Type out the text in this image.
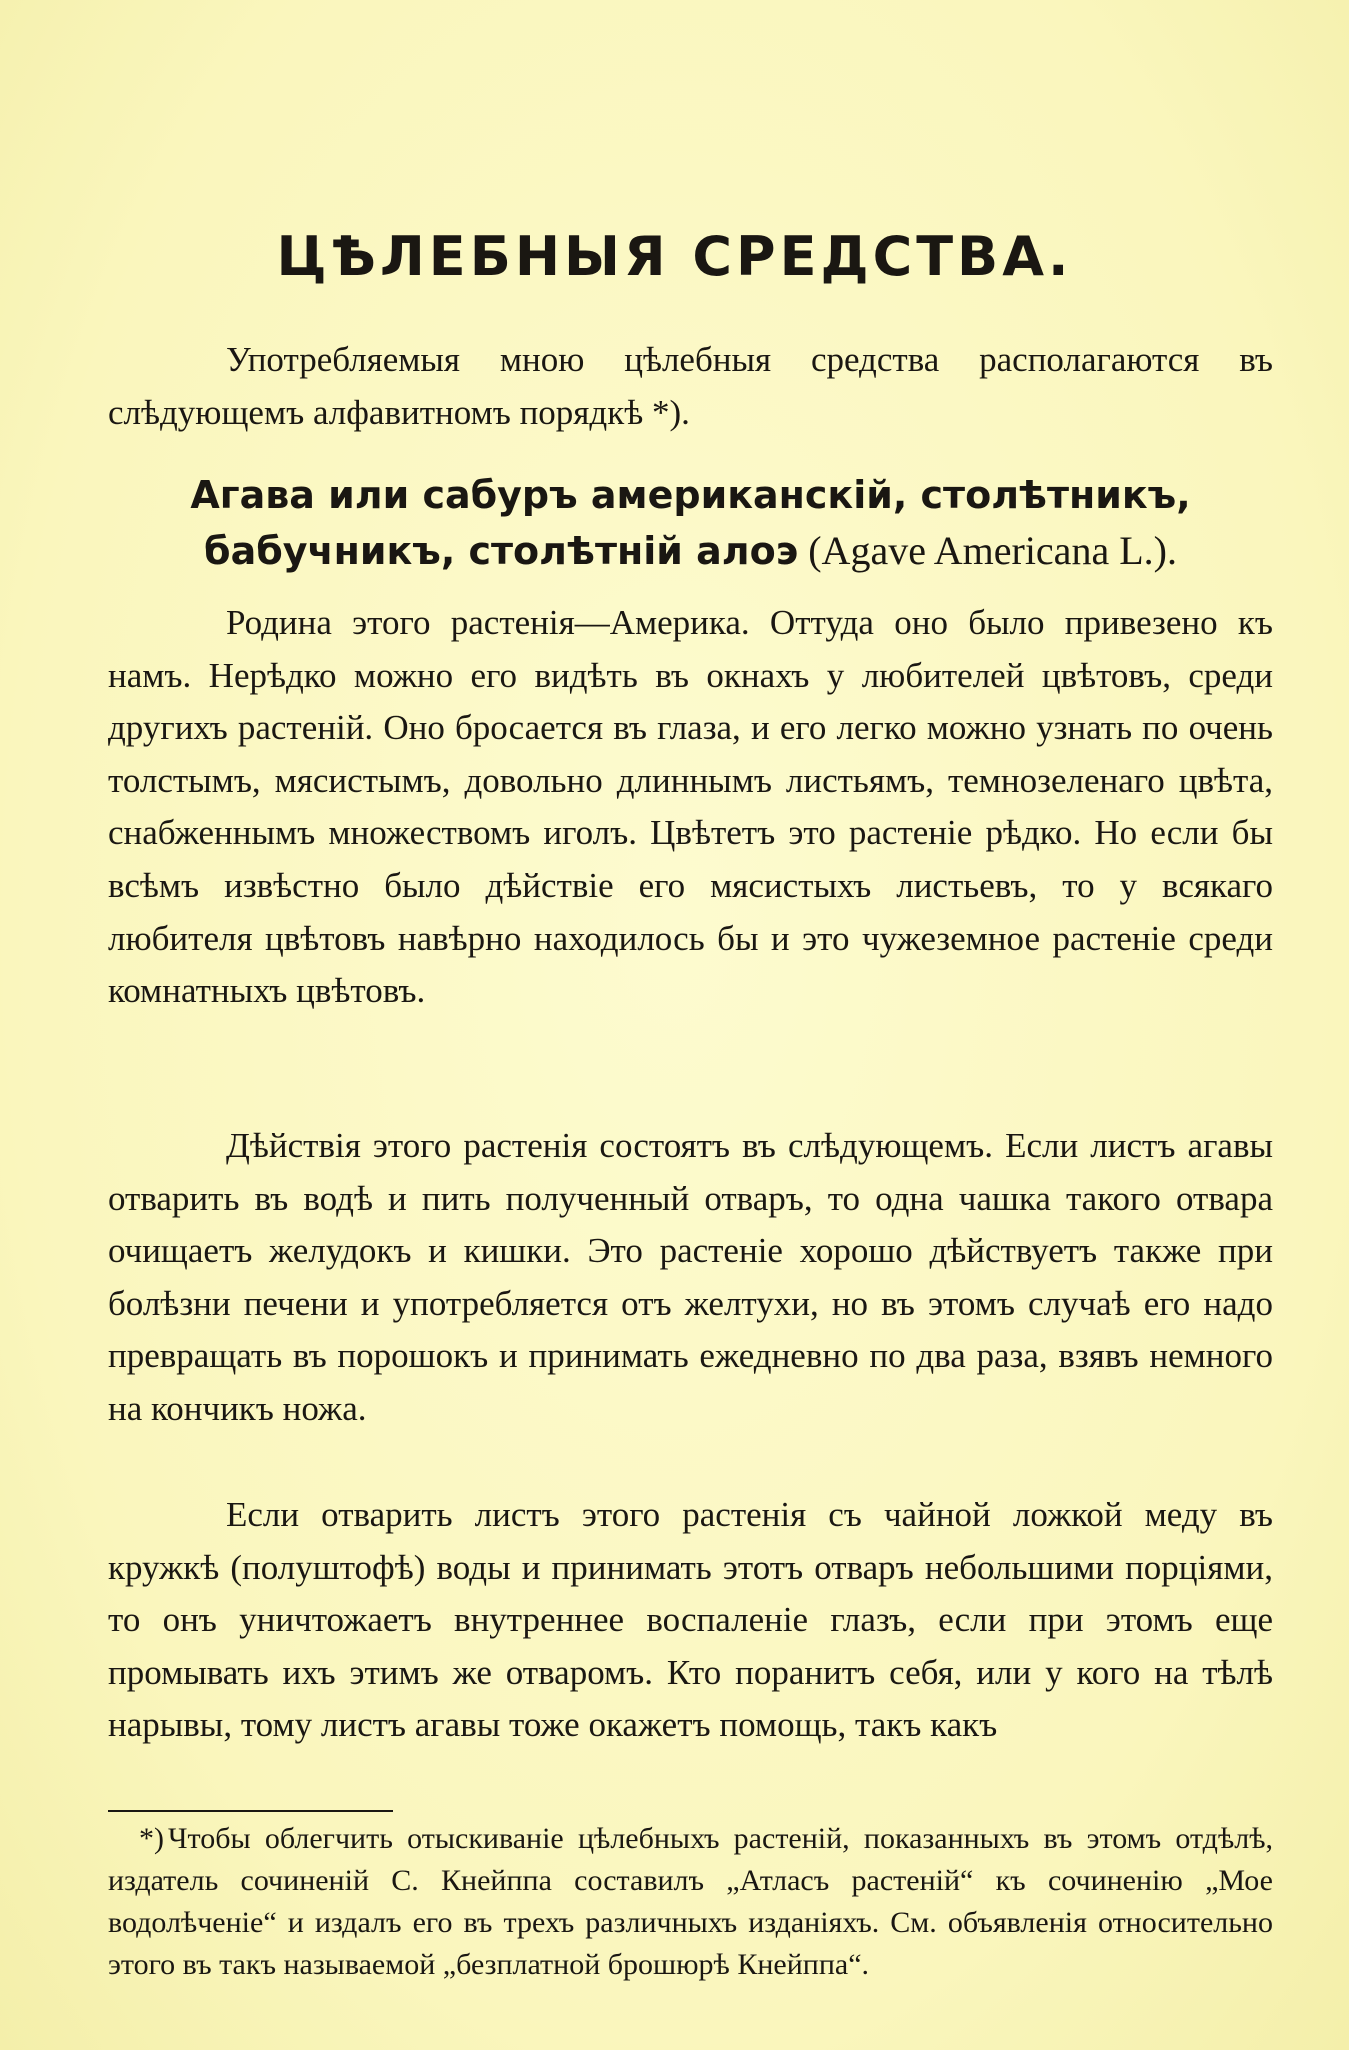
ЦѢЛЕБНЫЯ СРЕДСТВА.

Употребляемыя мною цѣлебныя средства располагаются въ слѣдующемъ алфавитномъ порядкѣ *).

Агава или сабуръ американскій, столѣтникъ, бабучникъ, столѣтній алоэ (Agave Americana L.).

Родина этого растенія—Америка. Оттуда оно было привезено къ намъ. Нерѣдко можно его видѣть въ окнахъ у любителей цвѣтовъ, среди другихъ растеній. Оно бросается въ глаза, и его легко можно узнать по очень толстымъ, мясистымъ, довольно длиннымъ листьямъ, темнозеленаго цвѣта, снабженнымъ множествомъ иголъ. Цвѣтетъ это растеніе рѣдко. Но если бы всѣмъ извѣстно было дѣйствіе его мясистыхъ листьевъ, то у всякаго любителя цвѣтовъ навѣрно находилось бы и это чужеземное растеніе среди комнатныхъ цвѣтовъ.

Дѣйствія этого растенія состоятъ въ слѣдующемъ. Если листъ агавы отварить въ водѣ и пить полученный отваръ, то одна чашка такого отвара очищаетъ желудокъ и кишки. Это растеніе хорошо дѣйствуетъ также при болѣзни печени и употребляется отъ желтухи, но въ этомъ случаѣ его надо превращать въ порошокъ и принимать ежедневно по два раза, взявъ немного на кончикъ ножа.

Если отварить листъ этого растенія съ чайной ложкой меду въ кружкѣ (полуштофѣ) воды и принимать этотъ отваръ небольшими порціями, то онъ уничтожаетъ внутреннее воспаленіе глазъ, если при этомъ еще промывать ихъ этимъ же отваромъ. Кто поранитъ себя, или у кого на тѣлѣ нарывы, тому листъ агавы тоже окажетъ помощь, такъ какъ

*) Чтобы облегчить отыскиваніе цѣлебныхъ растеній, показанныхъ въ этомъ отдѣлѣ, издатель сочиненій С. Кнейппа составилъ „Атласъ растеній“ къ сочиненію „Мое водолѣченіе“ и издалъ его въ трехъ различныхъ изданіяхъ. См. объявленія относительно этого въ такъ называемой „безплатной брошюрѣ Кнейппа“.
